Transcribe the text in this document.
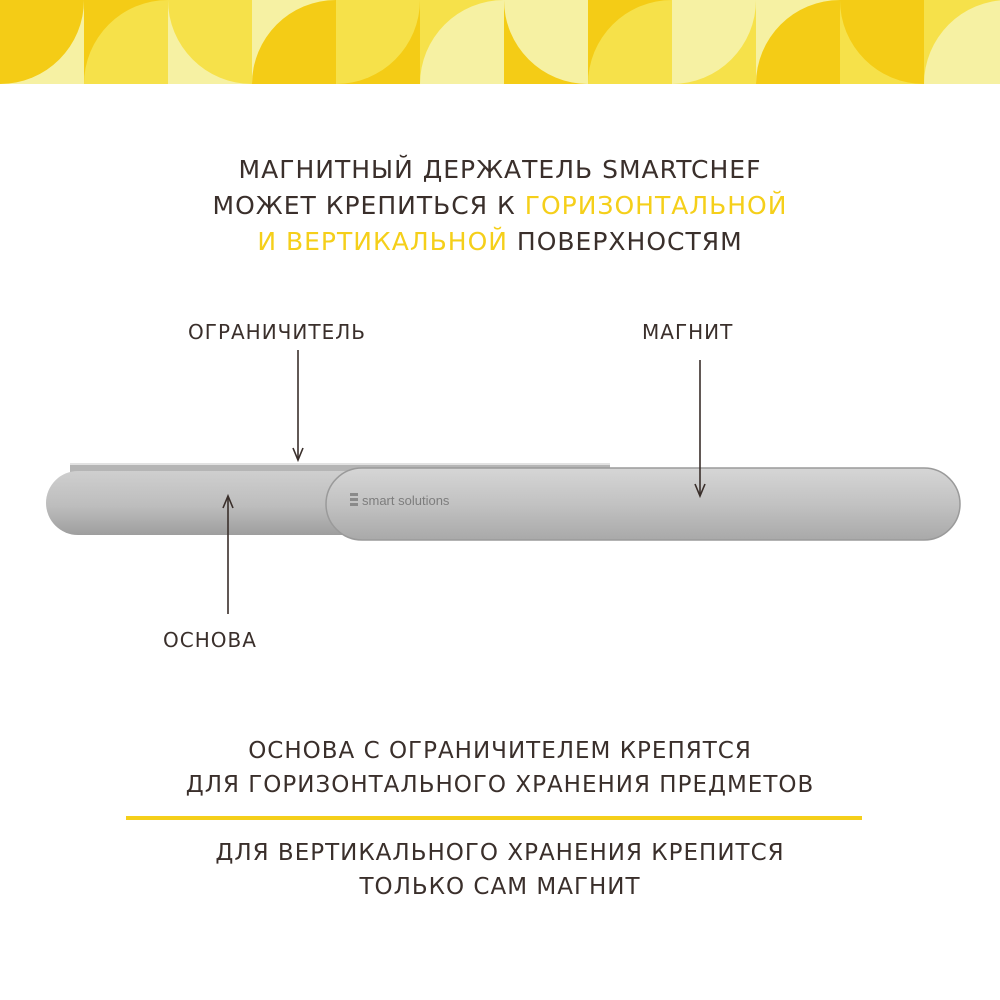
МАГНИТНЫЙ ДЕРЖАТЕЛЬ SMARTCHEF
МОЖЕТ КРЕПИТЬСЯ К ГОРИЗОНТАЛЬНОЙ
И ВЕРТИКАЛЬНОЙ ПОВЕРХНОСТЯМ
ОГРАНИЧИТЕЛЬ	МАГНИТ
ОСНОВА
smart solutions
ОСНОВА С ОГРАНИЧИТЕЛЕМ КРЕПЯТСЯ
ДЛЯ ГОРИЗОНТАЛЬНОГО ХРАНЕНИЯ ПРЕДМЕТОВ
ДЛЯ ВЕРТИКАЛЬНОГО ХРАНЕНИЯ КРЕПИТСЯ
ТОЛЬКО САМ МАГНИТ
